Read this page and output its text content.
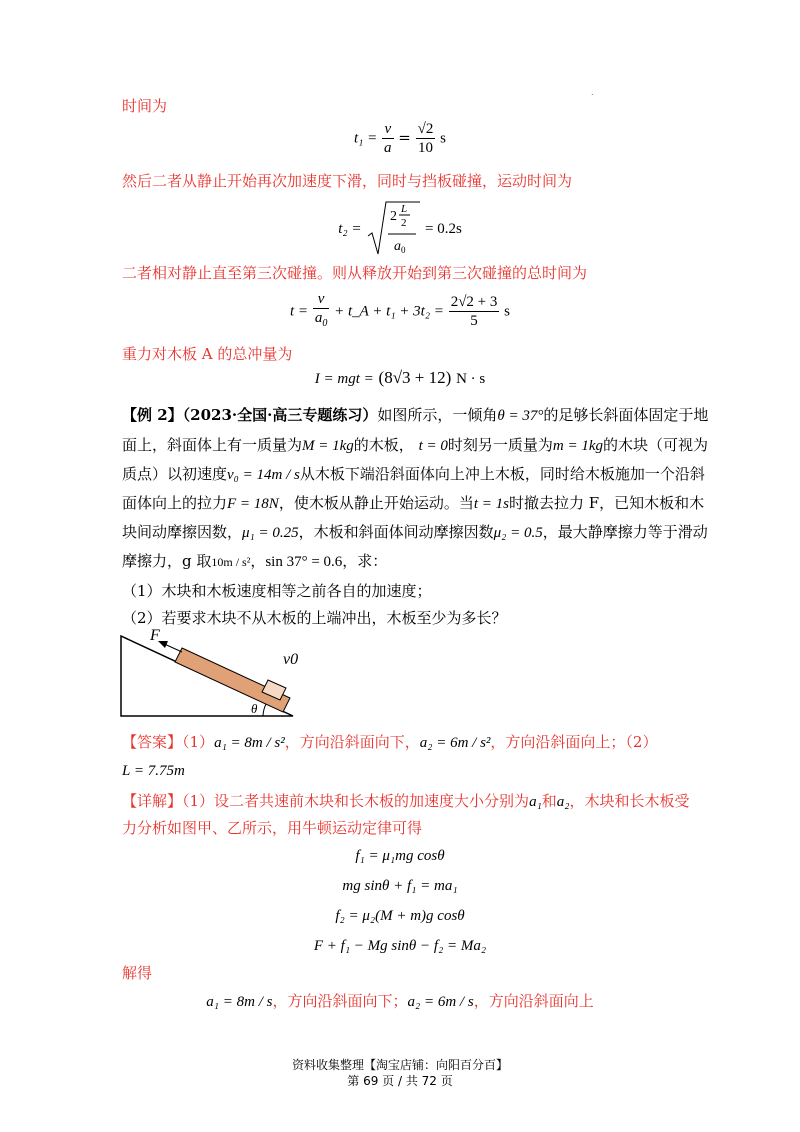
.
时间为
$t_1 = \frac{v}{a} = \frac{√2}{10}$ s
然后二者从静止开始再次加速度下滑，同时与挡板碰撞，运动时间为
t₂ =
2 L
2
$a_0$
= 0.2s
二者相对静止直至第三次碰撞。则从释放开始到第三次碰撞的总时间为
$t = \frac{v}{a_0}$ + t_A + $t_1 + 3t_2 = \frac{2√2 + 3}{5}$ s
重力对木板 A 的总冲量为
I = mgt = (8√3 + 12) N · s
【例 2】（2023·全国·高三专题练习）如图所示，一倾角θ = 37°的足够长斜面体固定于地
面上，斜面体上有一质量为M = 1kg的木板， t = 0时刻另一质量为m = 1kg的木块（可视为
质点）以初速度v₀ = 14m / s从木板下端沿斜面体向上冲上木板，同时给木板施加一个沿斜
面体向上的拉力F = 18N，使木板从静止开始运动。当t = 1s时撤去拉力 F，已知木板和木
块间动摩擦因数，μ₁ = 0.25，木板和斜面体间动摩擦因数μ₂ = 0.5，最大静摩擦力等于滑动
摩擦力，g 取10m / s²，sin 37° = 0.6，求：
（1）木块和木板速度相等之前各自的加速度；
（2）若要求木块不从木板的上端冲出，木板至少为多长？
F
v0
θ
【答案】（1）a₁ = 8m / s²，方向沿斜面向下，a₂ = 6m / s²，方向沿斜面向上；（2）
L = 7.75m
【详解】（1）设二者共速前木块和长木板的加速度大小分别为a₁和a₂，木块和长木板受
力分析如图甲、乙所示，用牛顿运动定律可得
f₁ = μ₁mg cosθ
mg sinθ + f₁ = ma₁
f₂ = μ₂(M + m)g cosθ
F + f₁ − Mg sinθ − f₂ = Ma₂
解得
a₁ = 8m / s，方向沿斜面向下；a₂ = 6m / s，方向沿斜面向上
资料收集整理【淘宝店铺：向阳百分百】
第 69 页 / 共 72 页
